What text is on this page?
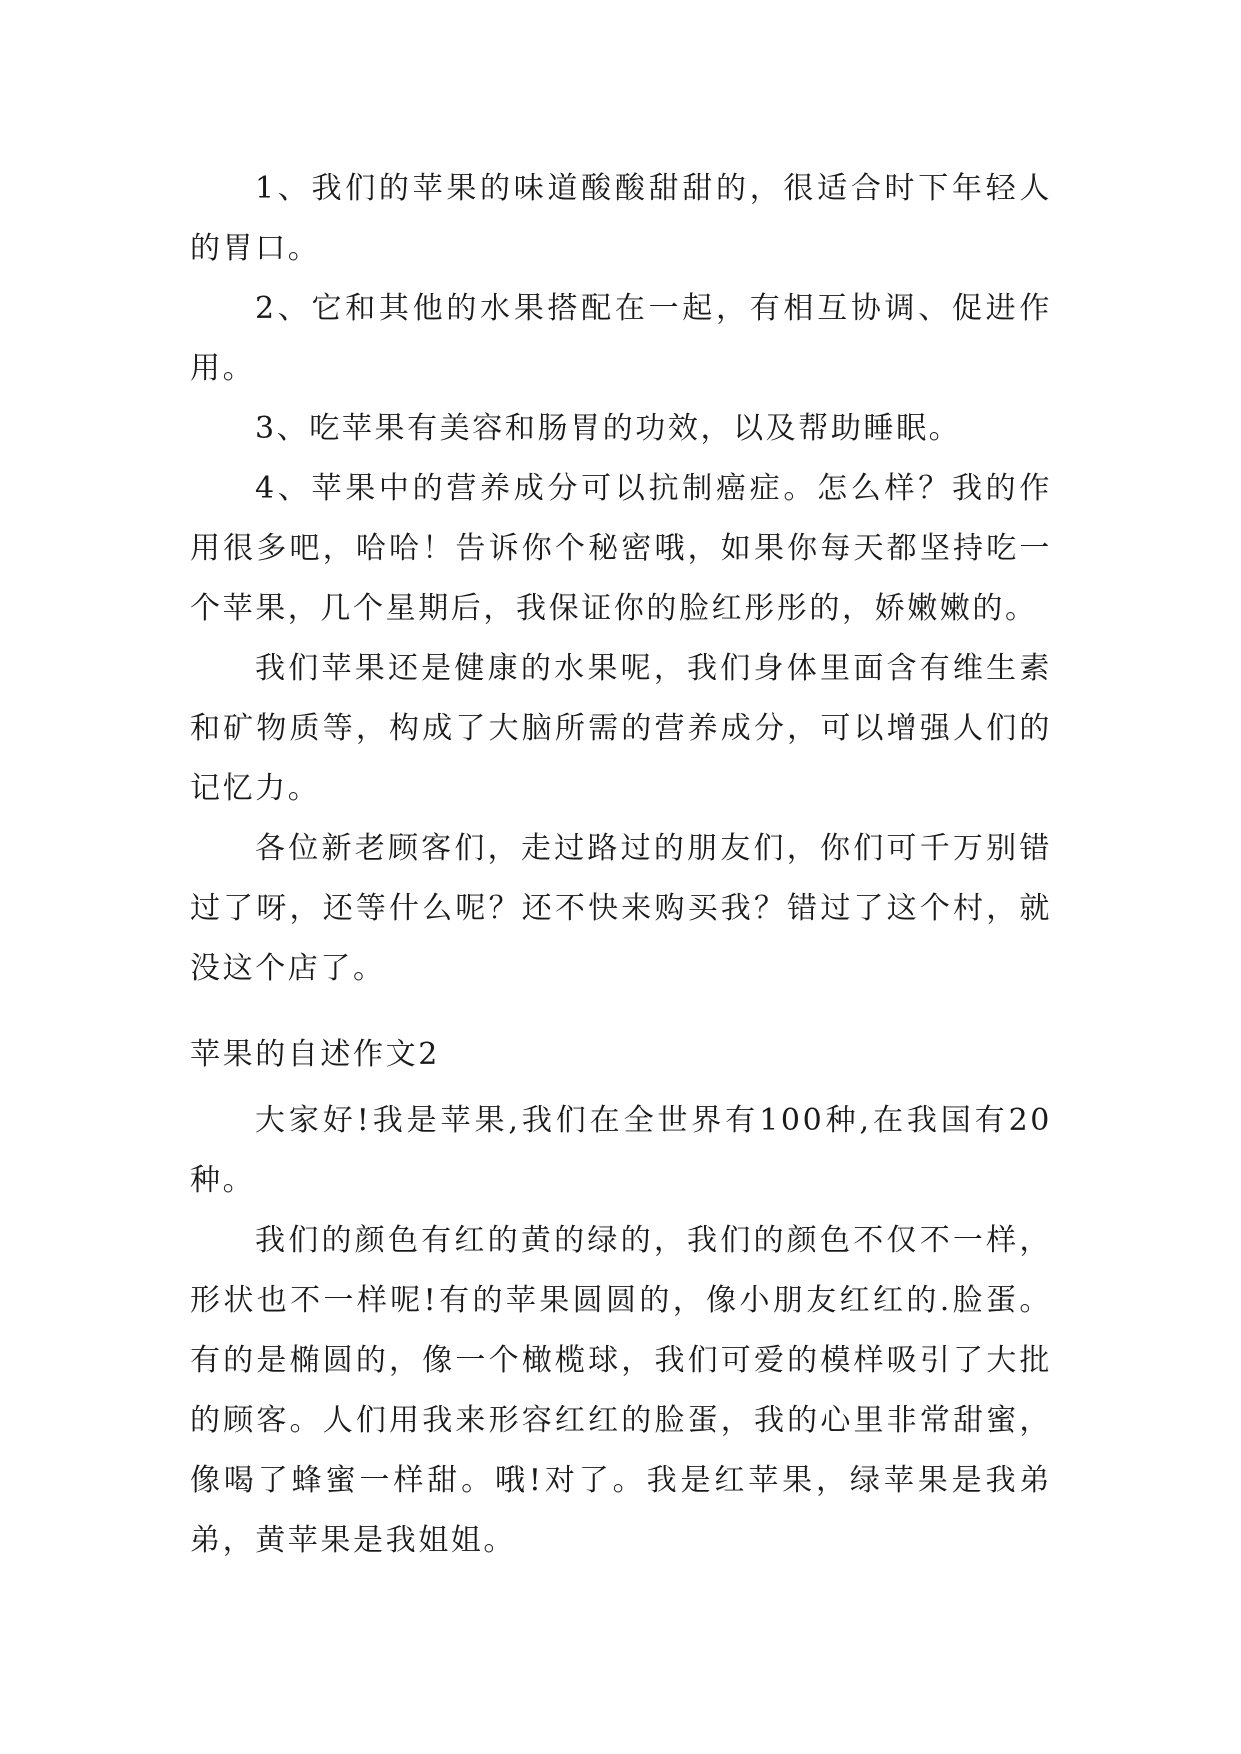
1、我们的苹果的味道酸酸甜甜的，很适合时下年轻人的胃口。

2、它和其他的水果搭配在一起，有相互协调、促进作用。

3、吃苹果有美容和肠胃的功效，以及帮助睡眠。

4、苹果中的营养成分可以抗制癌症。怎么样？我的作用很多吧，哈哈！告诉你个秘密哦，如果你每天都坚持吃一个苹果，几个星期后，我保证你的脸红彤彤的，娇嫩嫩的。

我们苹果还是健康的水果呢，我们身体里面含有维生素和矿物质等，构成了大脑所需的营养成分，可以增强人们的记忆力。

各位新老顾客们，走过路过的朋友们，你们可千万别错过了呀，还等什么呢？还不快来购买我？错过了这个村，就没这个店了。

苹果的自述作文2

大家好!我是苹果,我们在全世界有100种,在我国有20种。

我们的颜色有红的黄的绿的，我们的颜色不仅不一样，形状也不一样呢!有的苹果圆圆的，像小朋友红红的.脸蛋。有的是椭圆的，像一个橄榄球，我们可爱的模样吸引了大批的顾客。人们用我来形容红红的脸蛋，我的心里非常甜蜜，像喝了蜂蜜一样甜。哦!对了。我是红苹果，绿苹果是我弟弟，黄苹果是我姐姐。
